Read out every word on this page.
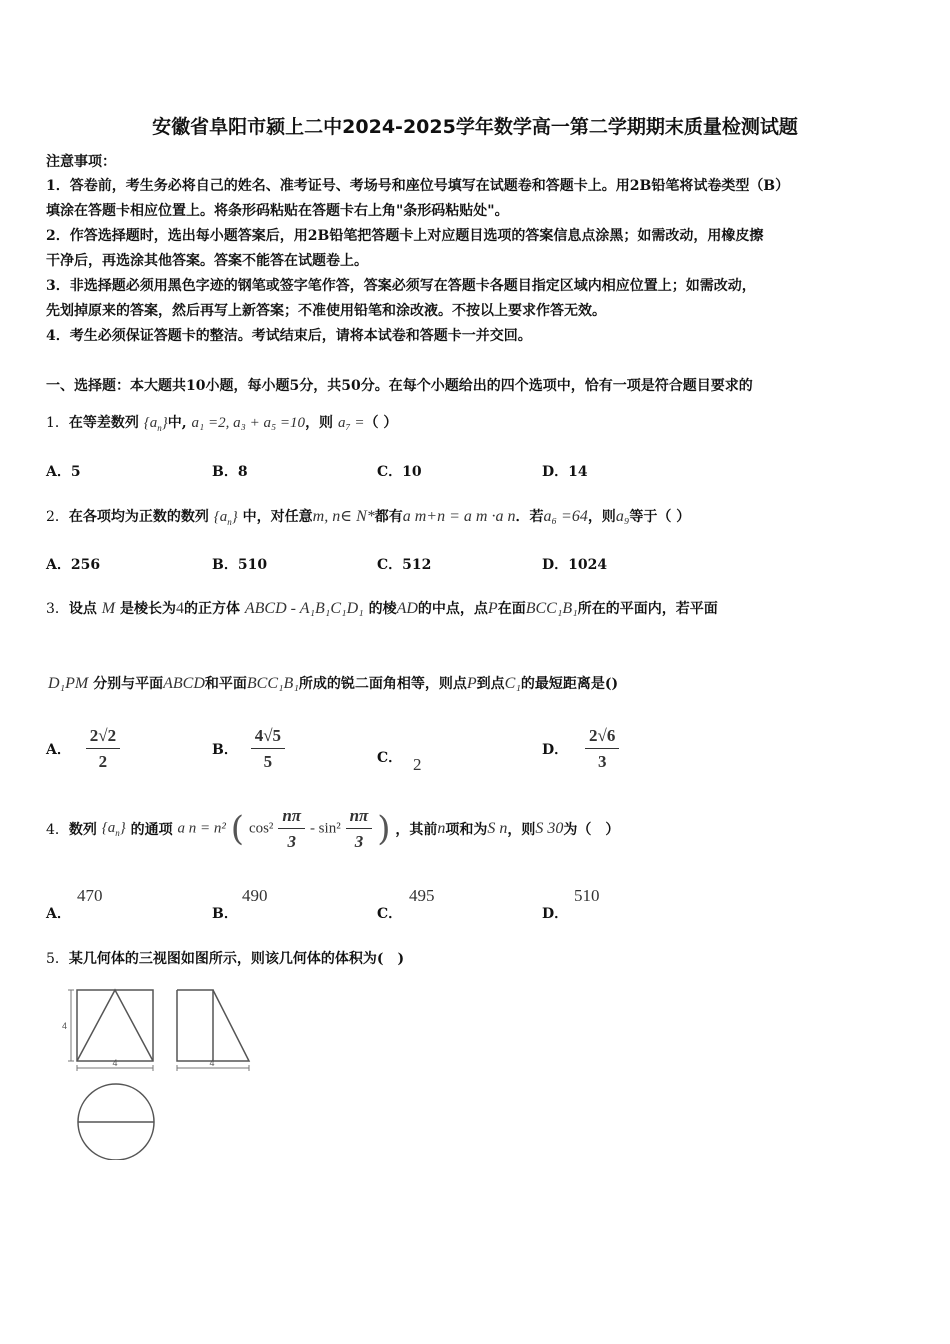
安徽省阜阳市颍上二中2024-2025学年数学高一第二学期期末质量检测试题
注意事项：
1．答卷前，考生务必将自己的姓名、准考证号、考场号和座位号填写在试题卷和答题卡上。用2B铅笔将试卷类型（B）
填涂在答题卡相应位置上。将条形码粘贴在答题卡右上角"条形码粘贴处"。
2．作答选择题时，选出每小题答案后，用2B铅笔把答题卡上对应题目选项的答案信息点涂黑；如需改动，用橡皮擦
干净后，再选涂其他答案。答案不能答在试题卷上。
3．非选择题必须用黑色字迹的钢笔或签字笔作答，答案必须写在答题卡各题目指定区域内相应位置上；如需改动，
先划掉原来的答案，然后再写上新答案；不准使用铅笔和涂改液。不按以上要求作答无效。
4．考生必须保证答题卡的整洁。考试结束后，请将本试卷和答题卡一并交回。
一、选择题：本大题共10小题，每小题5分，共50分。在每个小题给出的四个选项中，恰有一项是符合题目要求的
1．在等差数列 $\{a_n\}$中, a₁ =2, a₃ + a₅ =10，则 a₇ =（ ）
A．5	B．8	C．10	D．14
2．在各项均为正数的数列 $\{a_n\}$ 中，对任意m, n∈ N*都有a m+n = a m ·a n．若a₆ =64，则a₉等于（ ）
A．256	B．510	C．512	D．1024
3．设点 M 是棱长为4的正方体 ABCD - A₁B₁C₁D₁ 的棱AD的中点，点P在面BCC₁B₁所在的平面内，若平面
D₁PM 分别与平面ABCD和平面BCC₁B₁所成的锐二面角相等，则点P到点C₁的最短距离是()
A． $\frac{2√2}{2}$	B． $\frac{4√5}{5}$	C． 2
D． $\frac{2√6}{3}$
4．数列 $\{a_n\}$ 的通项 a n = n² ( $\cos^2 \frac{n\pi}{3} - \sin^2 \frac{n\pi}{3}$ ) ，其前n项和为S n，则S 30为（　）
A．
470
B．
490
C．
495
D．
510
5．某几何体的三视图如图所示，则该几何体的体积为(　)
4
4	4
